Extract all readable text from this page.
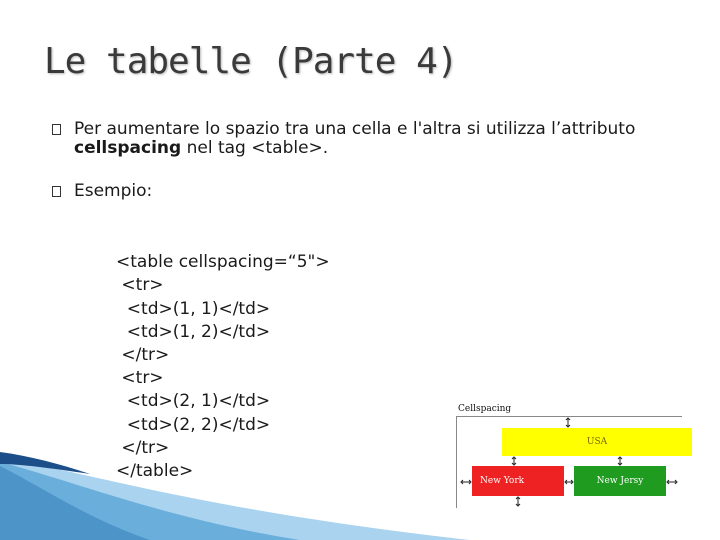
Le tabelle (Parte 4)
Per aumentare lo spazio tra una cella e l'altra si utilizza l’attributo cellspacing nel tag <table>.
Esempio:

<table cellspacing=“5">
<tr>
<td>(1, 1)</td>
<td>(1, 2)</td>
</tr>
<tr>
<td>(2, 1)</td>
<td>(2, 2)</td>
</tr>
</table>

Cellspacing
USA
New York	New Jersy
